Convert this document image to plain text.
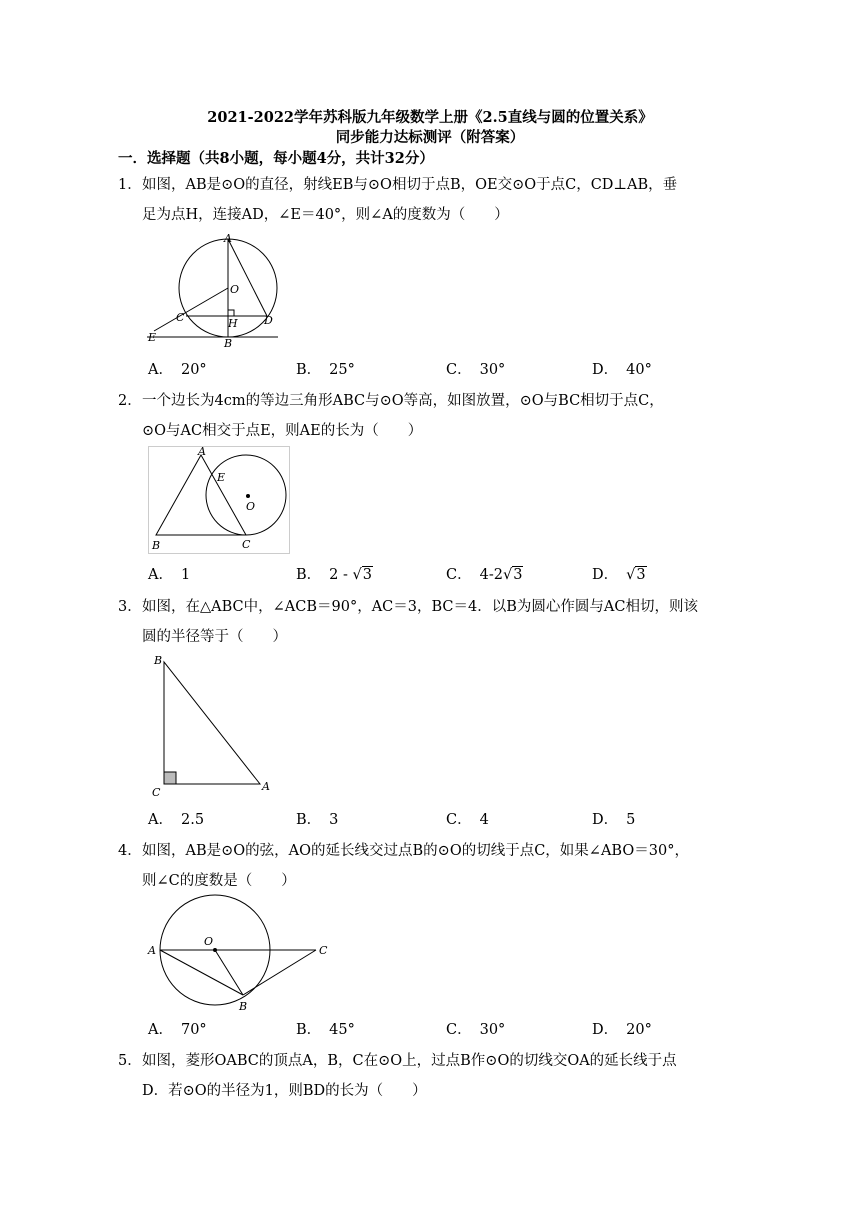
2021-2022学年苏科版九年级数学上册《2.5直线与圆的位置关系》
同步能力达标测评（附答案）
一．选择题（共8小题，每小题4分，共计32分）
1．如图，AB是⊙O的直径，射线EB与⊙O相切于点B，OE交⊙O于点C，CD⊥AB，垂
足为点H，连接AD，∠E＝40°，则∠A的度数为（　　）
A
O
C	H D
E	B
A． 20°	B． 25°	C． 30°	D． 40°
2．一个边长为4cm的等边三角形ABC与⊙O等高，如图放置，⊙O与BC相切于点C，
⊙O与AC相交于点E，则AE的长为（　　）
A
E
O
B	C
A． 1	B． 2 - √3	C． 4-2√3	D． √3
3．如图，在△ABC中，∠ACB＝90°，AC＝3，BC＝4．以B为圆心作圆与AC相切，则该
圆的半径等于（　　）
B
C	A
A． 2.5	B． 3	C． 4	D． 5
4．如图，AB是⊙O的弦，AO的延长线交过点B的⊙O的切线于点C，如果∠ABO＝30°，
则∠C的度数是（　　）
A
O
C
B
A． 70°	B． 45°	C． 30°	D． 20°
5．如图，菱形OABC的顶点A，B，C在⊙O上，过点B作⊙O的切线交OA的延长线于点
D．若⊙O的半径为1，则BD的长为（　　）
